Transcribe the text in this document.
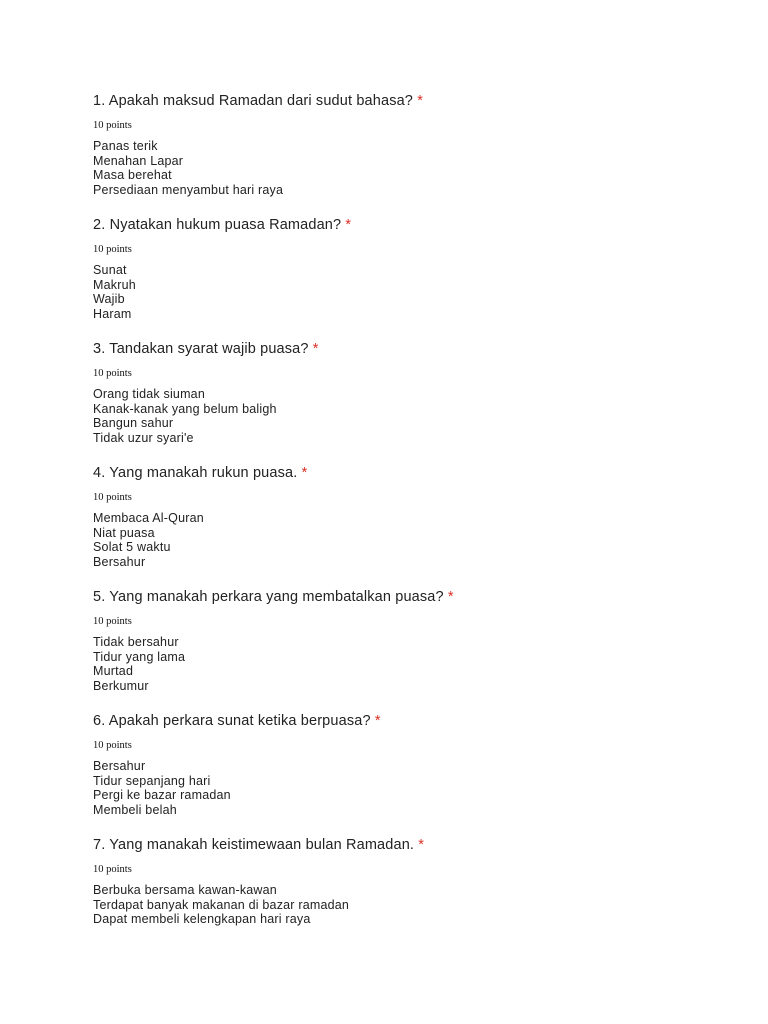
1. Apakah maksud Ramadan dari sudut bahasa? *
10 points
Panas terik
Menahan Lapar
Masa berehat
Persediaan menyambut hari raya
2. Nyatakan hukum puasa Ramadan? *
10 points
Sunat
Makruh
Wajib
Haram
3. Tandakan syarat wajib puasa? *
10 points
Orang tidak siuman
Kanak-kanak yang belum baligh
Bangun sahur
Tidak uzur syari'e
4. Yang manakah rukun puasa. *
10 points
Membaca Al-Quran
Niat puasa
Solat 5 waktu
Bersahur
5. Yang manakah perkara yang membatalkan puasa? *
10 points
Tidak bersahur
Tidur yang lama
Murtad
Berkumur
6. Apakah perkara sunat ketika berpuasa? *
10 points
Bersahur
Tidur sepanjang hari
Pergi ke bazar ramadan
Membeli belah
7. Yang manakah keistimewaan bulan Ramadan. *
10 points
Berbuka bersama kawan-kawan
Terdapat banyak makanan di bazar ramadan
Dapat membeli kelengkapan hari raya
